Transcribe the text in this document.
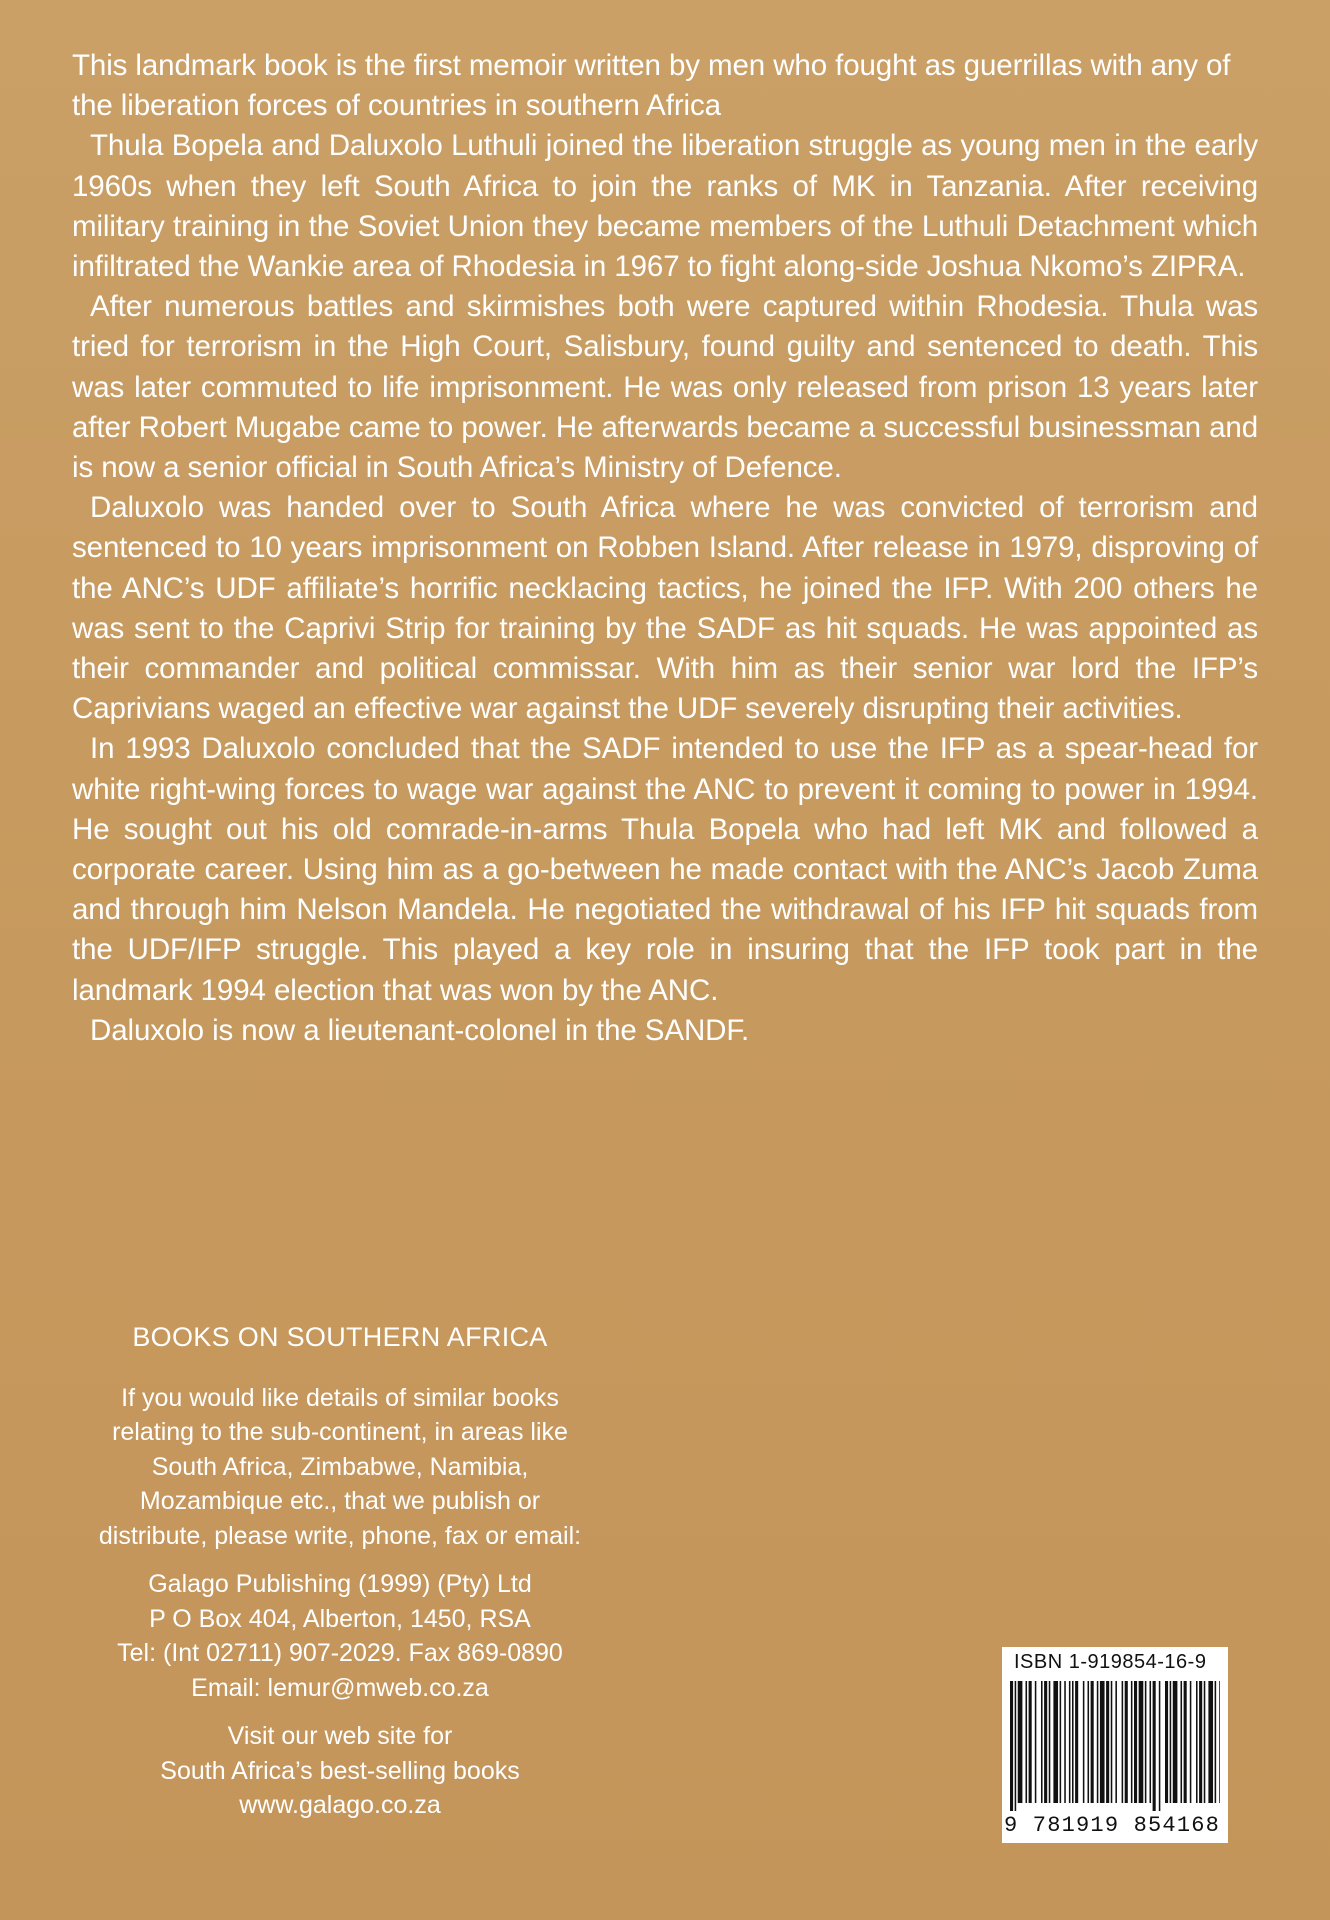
This landmark book is the first memoir written by men who fought as guerrillas with any of the liberation forces of countries in southern Africa

Thula Bopela and Daluxolo Luthuli joined the liberation struggle as young men in the early 1960s when they left South Africa to join the ranks of MK in Tanzania. After receiving military training in the Soviet Union they became members of the Luthuli Detachment which infiltrated the Wankie area of Rhodesia in 1967 to fight along-side Joshua Nkomo’s ZIPRA.

After numerous battles and skirmishes both were captured within Rhodesia. Thula was tried for terrorism in the High Court, Salisbury, found guilty and sentenced to death. This was later commuted to life imprisonment. He was only released from prison 13 years later after Robert Mugabe came to power. He afterwards became a successful businessman and is now a senior official in South Africa’s Ministry of Defence.

Daluxolo was handed over to South Africa where he was convicted of terrorism and sentenced to 10 years imprisonment on Robben Island. After release in 1979, disproving of the ANC’s UDF affiliate’s horrific necklacing tactics, he joined the IFP. With 200 others he was sent to the Caprivi Strip for training by the SADF as hit squads. He was appointed as their commander and political commissar. With him as their senior war lord the IFP’s Caprivians waged an effective war against the UDF severely disrupting their activities.

In 1993 Daluxolo concluded that the SADF intended to use the IFP as a spear-head for white right-wing forces to wage war against the ANC to prevent it coming to power in 1994. He sought out his old comrade-in-arms Thula Bopela who had left MK and followed a corporate career. Using him as a go-between he made contact with the ANC’s Jacob Zuma and through him Nelson Mandela. He negotiated the withdrawal of his IFP hit squads from the UDF/IFP struggle. This played a key role in insuring that the IFP took part in the landmark 1994 election that was won by the ANC.

Daluxolo is now a lieutenant-colonel in the SANDF.

BOOKS ON SOUTHERN AFRICA
If you would like details of similar books
relating to the sub-continent, in areas like
South Africa, Zimbabwe, Namibia,
Mozambique etc., that we publish or
distribute, please write, phone, fax or email:
Galago Publishing (1999) (Pty) Ltd
P O Box 404, Alberton, 1450, RSA
Tel: (Int 02711) 907-2029. Fax 869-0890
Email: lemur@mweb.co.za
Visit our web site for
South Africa’s best-selling books
www.galago.co.za
ISBN 1-919854-16-9
9 781919 854168
